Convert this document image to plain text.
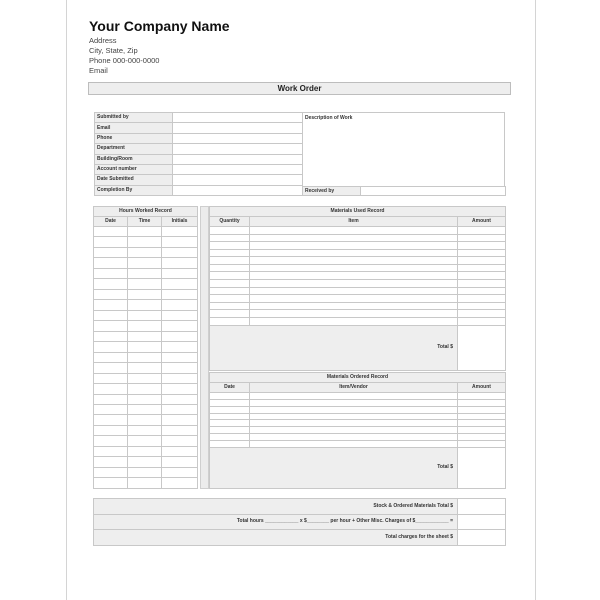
Your Company Name
Address
City, State, Zip
Phone 000-000-0000
Email
Work Order
Submitted by	
Email	
Phone	
Department	
Building/Room	
Account number	
Date Submitted	
Completion By	
Description of Work
Received by	
Hours Worked Record		
Date	Time	Initials

Materials Used Record		
Quantity	Item	Amount

Total $		
Materials Ordered Record		
Date	Item/Vendor	Amount

Total $		
Stock & Ordered Materials Total $	
Total hours ____________ x $________ per hour + Other Misc. Charges of $____________ =	
Total charges for the sheet $	
